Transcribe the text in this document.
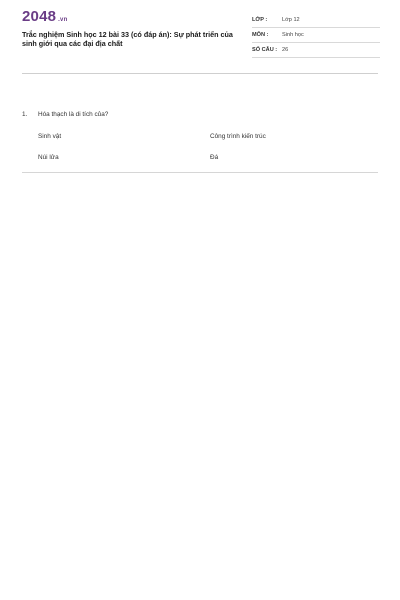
2048 .vn
Trắc nghiệm Sinh học 12 bài 33 (có đáp án): Sự phát triển của sinh giới qua các đại địa chất
LỚP :	Lớp 12
MÔN :	Sinh học
SỐ CÂU : 26
1. Hóa thạch là di tích của?
Sinh vật	Công trình kiến trúc
Núi lửa	Đá
